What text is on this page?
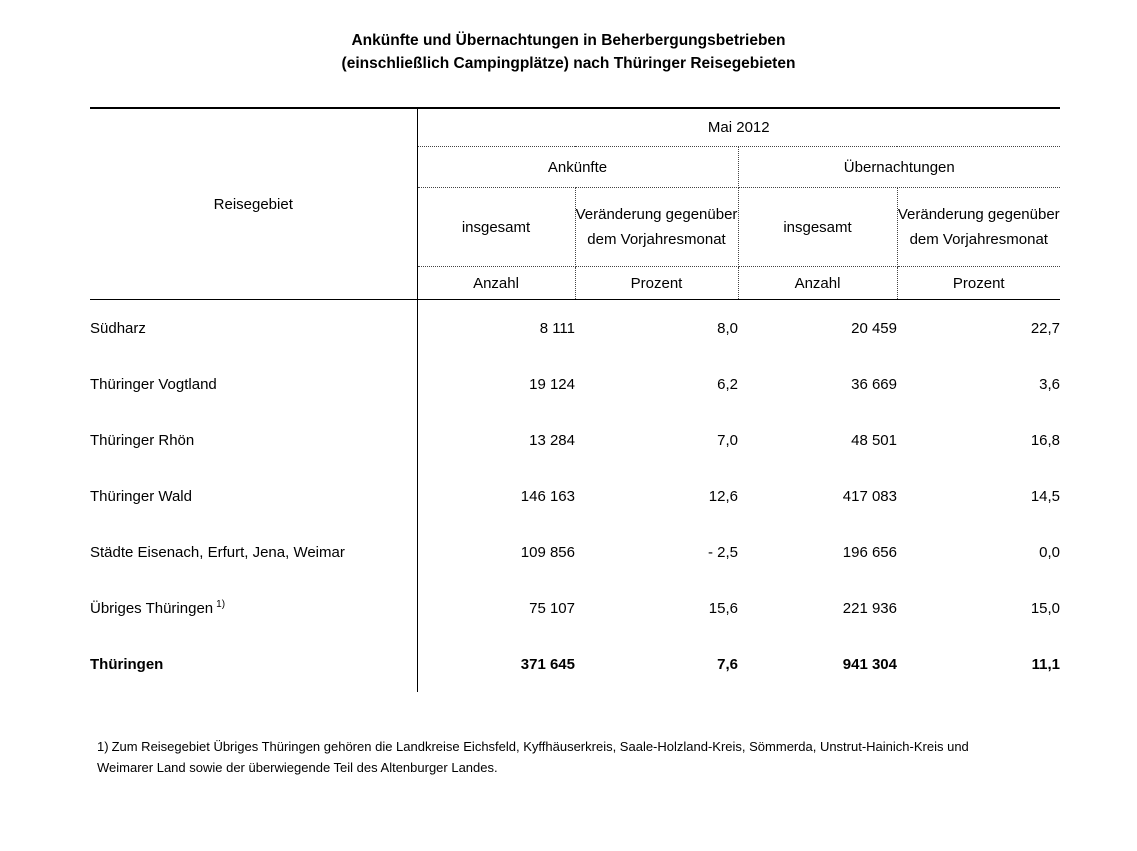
Ankünfte und Übernachtungen in Beherbergungsbetrieben
(einschließlich Campingplätze) nach Thüringer Reisegebieten
Reisegebiet	Mai 2012			
	Ankünfte		Übernachtungen	
	insgesamt	Veränderung gegenüber dem Vorjahresmonat	insgesamt	Veränderung gegenüber dem Vorjahresmonat
	Anzahl	Prozent	Anzahl	Prozent
Südharz	8 111	8,0	20 459	22,7
Thüringer Vogtland	19 124	6,2	36 669	3,6
Thüringer Rhön	13 284	7,0	48 501	16,8
Thüringer Wald	146 163	12,6	417 083	14,5
Städte Eisenach, Erfurt, Jena, Weimar	109 856	- 2,5	196 656	0,0
Übriges Thüringen $^{1)}$	75 107	15,6	221 936	15,0
Thüringen	371 645	7,6	941 304	11,1
1) Zum Reisegebiet Übriges Thüringen gehören die Landkreise Eichsfeld, Kyffhäuserkreis, Saale-Holzland-Kreis, Sömmerda, Unstrut-Hainich-Kreis und Weimarer Land sowie der überwiegende Teil des Altenburger Landes.
